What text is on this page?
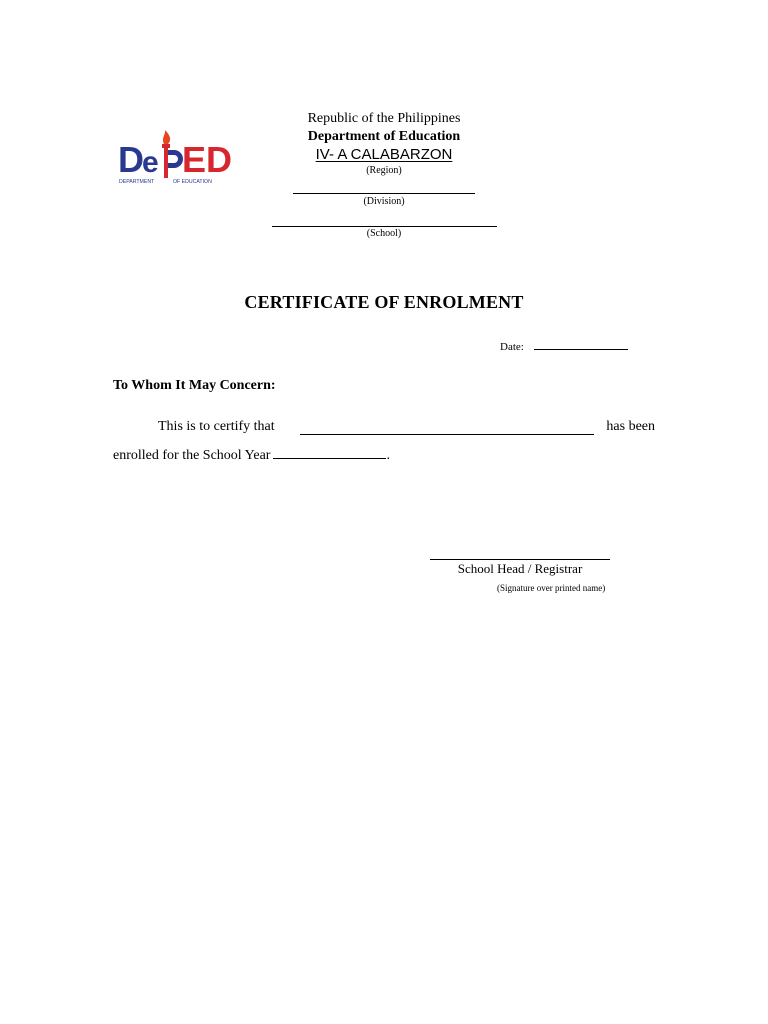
D
e ED
DEPARTMENT	OF EDUCATION
Republic of the Philippines
Department of Education
IV- A CALABARZON
(Region)
(Division)
(School)
CERTIFICATE OF ENROLMENT
Date:
To Whom It May Concern:
This is to certify that	has been
enrolled for the School Year	.
School Head / Registrar
(Signature over printed name)
